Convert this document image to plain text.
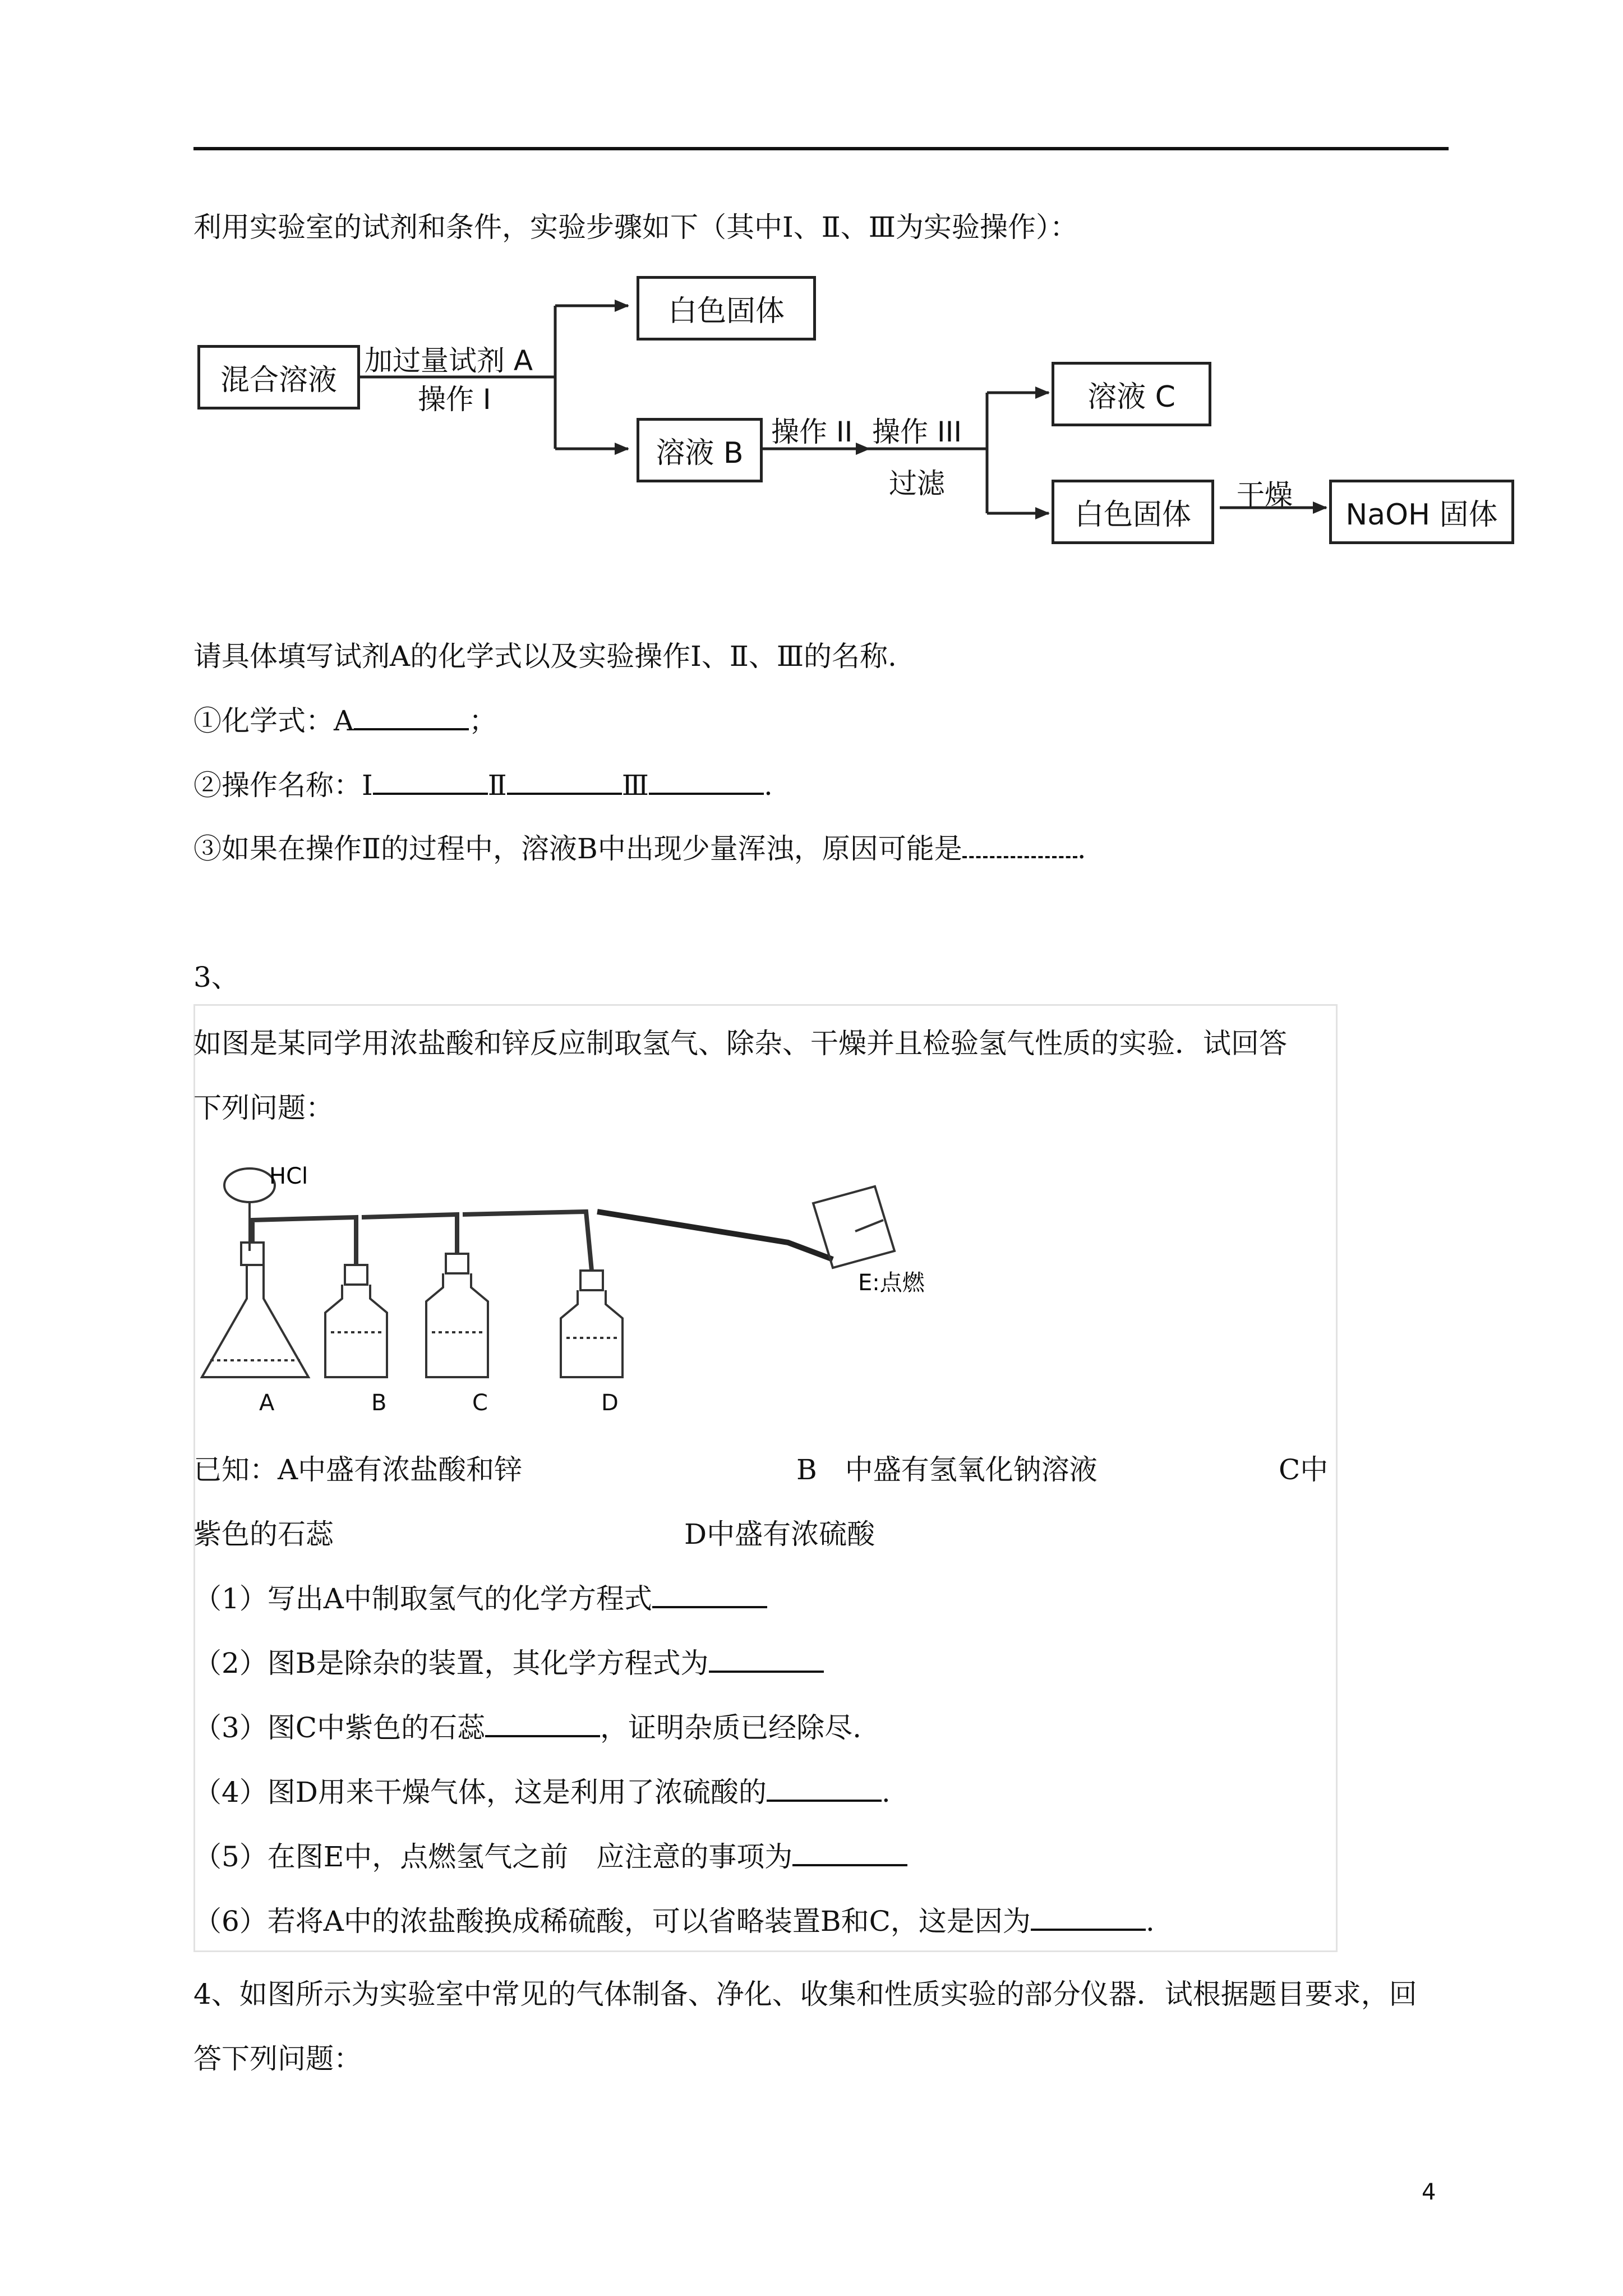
利用实验室的试剂和条件，实验步骤如下（其中Ⅰ、Ⅱ、Ⅲ为实验操作）：
混合溶液
加过量试剂 A
操作 I
白色固体
溶液 B
操作 II 操作 III
过滤
溶液 C
白色固体
干燥
NaOH 固体
请具体填写试剂A的化学式以及实验操作Ⅰ、Ⅱ、Ⅲ的名称.
①化学式：A	；
②操作名称：Ⅰ	Ⅱ	Ⅲ	.
③如果在操作Ⅱ的过程中，溶液B中出现少量浑浊，原因可能是	.
3、
如图是某同学用浓盐酸和锌反应制取氢气、除杂、干燥并且检验氢气性质的实验．试回答
下列问题：
HCl
E:点燃
A	B	C	D
已知：A中盛有浓盐酸和锌	B　中盛有氢氧化钠溶液	C中
紫色的石蕊	D中盛有浓硫酸
（1）写出A中制取氢气的化学方程式
（2）图B是除杂的装置，其化学方程式为
（3）图C中紫色的石蕊	，证明杂质已经除尽.
（4）图D用来干燥气体，这是利用了浓硫酸的	.
（5）在图E中，点燃氢气之前　应注意的事项为
（6）若将A中的浓盐酸换成稀硫酸，可以省略装置B和C，这是因为	.
4、如图所示为实验室中常见的气体制备、净化、收集和性质实验的部分仪器．试根据题目要求，回
答下列问题：
4
